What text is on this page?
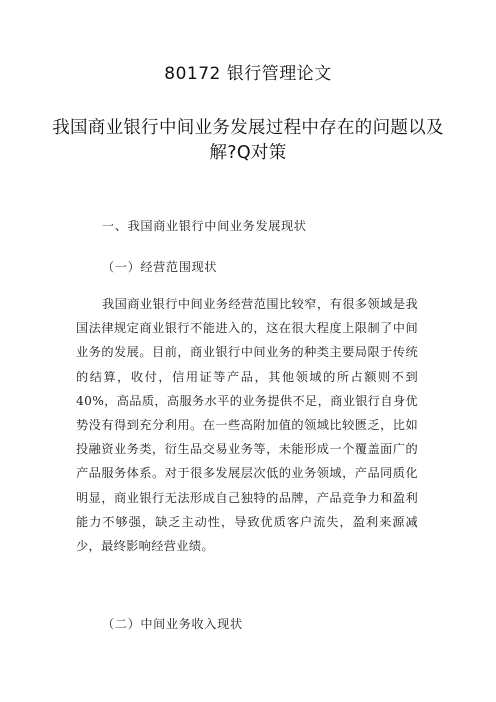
80172 银行管理论文
我国商业银行中间业务发展过程中存在的问题以及解?Q对策
一、我国商业银行中间业务发展现状
（一）经营范围现状
我国商业银行中间业务经营范围比较窄，有很多领域是我国法律规定商业银行不能进入的，这在很大程度上限制了中间业务的发展。目前，商业银行中间业务的种类主要局限于传统的结算，收付，信用证等产品，其他领域的所占额则不到40%，高品质，高服务水平的业务提供不足，商业银行自身优势没有得到充分利用。在一些高附加值的领域比较匮乏，比如投融资业务类，衍生品交易业务等，未能形成一个覆盖面广的产品服务体系。对于很多发展层次低的业务领域，产品同质化明显，商业银行无法形成自己独特的品牌，产品竞争力和盈利能力不够强，缺乏主动性，导致优质客户流失，盈利来源减少，最终影响经营业绩。
（二）中间业务收入现状
